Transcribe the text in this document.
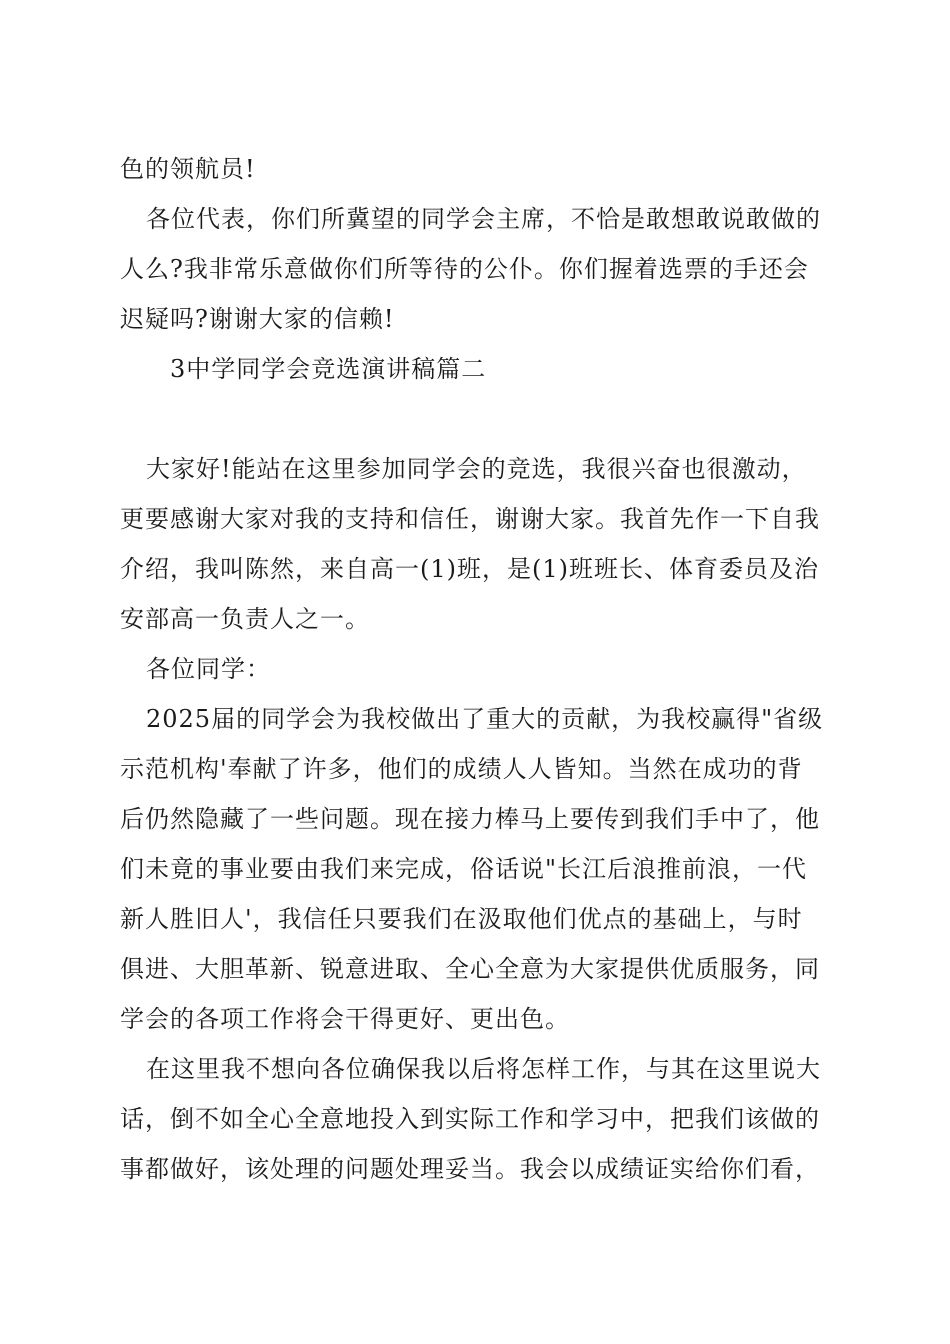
色的领航员!
各位代表，你们所冀望的同学会主席，不恰是敢想敢说敢做的
人么?我非常乐意做你们所等待的公仆。你们握着选票的手还会
迟疑吗?谢谢大家的信赖!
3中学同学会竞选演讲稿篇二
大家好!能站在这里参加同学会的竞选，我很兴奋也很激动，
更要感谢大家对我的支持和信任，谢谢大家。我首先作一下自我
介绍，我叫陈然，来自高一(1)班，是(1)班班长、体育委员及治
安部高一负责人之一。
各位同学：
2025届的同学会为我校做出了重大的贡献，为我校赢得"省级
示范机构'奉献了许多，他们的成绩人人皆知。当然在成功的背
后仍然隐藏了一些问题。现在接力棒马上要传到我们手中了，他
们未竟的事业要由我们来完成，俗话说"长江后浪推前浪，一代
新人胜旧人'，我信任只要我们在汲取他们优点的基础上，与时
俱进、大胆革新、锐意进取、全心全意为大家提供优质服务，同
学会的各项工作将会干得更好、更出色。
在这里我不想向各位确保我以后将怎样工作，与其在这里说大
话，倒不如全心全意地投入到实际工作和学习中，把我们该做的
事都做好，该处理的问题处理妥当。我会以成绩证实给你们看，
